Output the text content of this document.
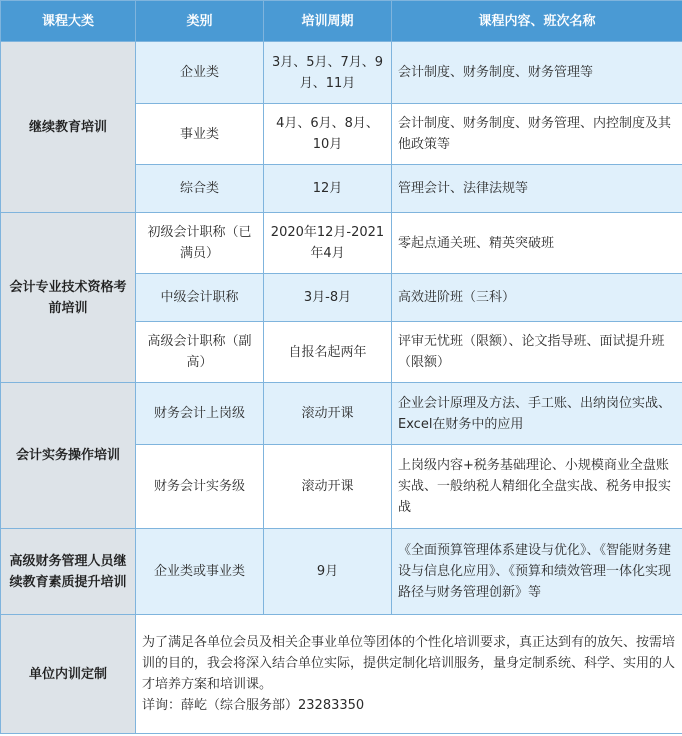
课程大类	类别	培训周期	课程内容、班次名称
继续教育培训	企业类	3月、5月、7月、9月、11月	会计制度、财务制度、财务管理等
	事业类	4月、6月、8月、10月	会计制度、财务制度、财务管理、内控制度及其他政策等
	综合类	12月	管理会计、法律法规等
会计专业技术资格考前培训	初级会计职称（已满员）	2020年12月-2021年4月	零起点通关班、精英突破班
	中级会计职称	3月-8月	高效进阶班（三科）
	高级会计职称（副高）	自报名起两年	评审无忧班（限额）、论文指导班、面试提升班（限额）
会计实务操作培训	财务会计上岗级	滚动开课	企业会计原理及方法、手工账、出纳岗位实战、Excel在财务中的应用
	财务会计实务级	滚动开课	上岗级内容+税务基础理论、小规模商业全盘账实战、一般纳税人精细化全盘实战、税务申报实战
高级财务管理人员继续教育素质提升培训	企业类或事业类	9月	《全面预算管理体系建设与优化》、《智能财务建设与信息化应用》、《预算和绩效管理一体化实现路径与财务管理创新》等
单位内训定制	为了满足各单位会员及相关企事业单位等团体的个性化培训要求，真正达到有的放矢、按需培训的目的，我会将深入结合单位实际，提供定制化培训服务，量身定制系统、科学、实用的人才培养方案和培训课。
详询：薛屹（综合服务部）23283350		
